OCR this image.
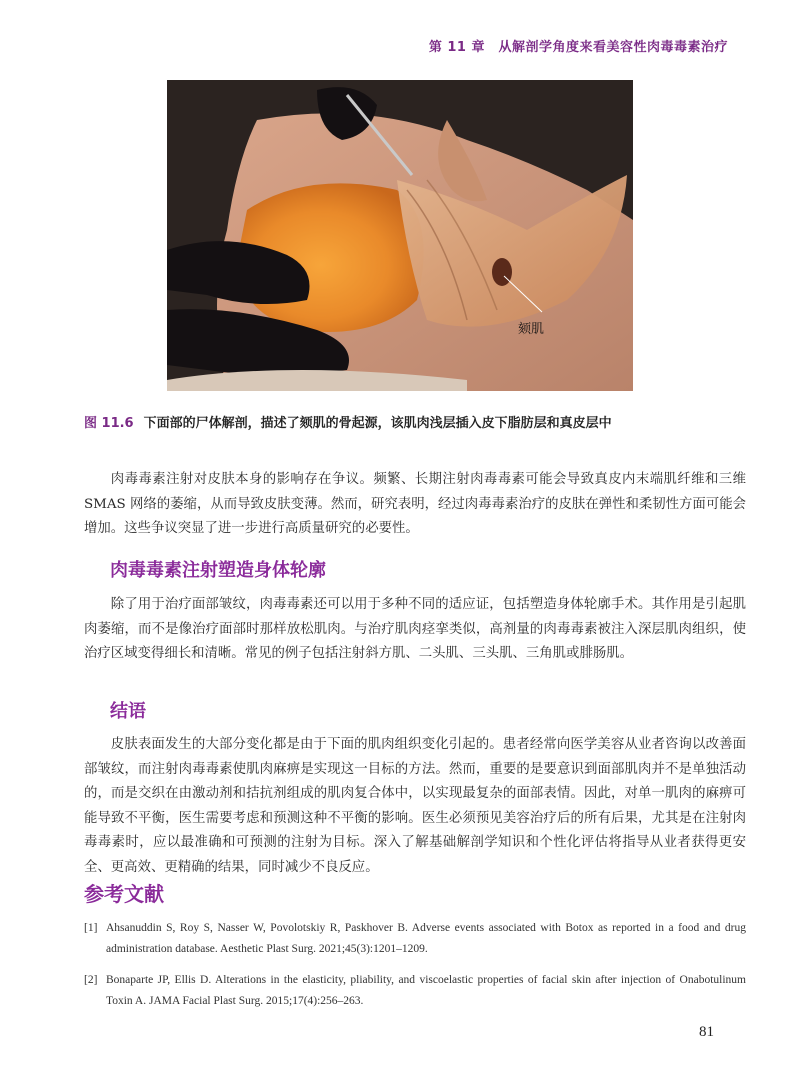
第 11 章　从解剖学角度来看美容性肉毒毒素治疗
颏肌
图 11.6 下面部的尸体解剖，描述了颏肌的骨起源，该肌肉浅层插入皮下脂肪层和真皮层中

肉毒毒素注射对皮肤本身的影响存在争议。频繁、长期注射肉毒毒素可能会导致真皮内末端肌纤维和三维 SMAS 网络的萎缩，从而导致皮肤变薄。然而，研究表明，经过肉毒毒素治疗的皮肤在弹性和柔韧性方面可能会增加。这些争议突显了进一步进行高质量研究的必要性。

肉毒毒素注射塑造身体轮廓

除了用于治疗面部皱纹，肉毒毒素还可以用于多种不同的适应证，包括塑造身体轮廓手术。其作用是引起肌肉萎缩，而不是像治疗面部时那样放松肌肉。与治疗肌肉痉挛类似，高剂量的肉毒毒素被注入深层肌肉组织，使治疗区域变得细长和清晰。常见的例子包括注射斜方肌、二头肌、三头肌、三角肌或腓肠肌。

结语

皮肤表面发生的大部分变化都是由于下面的肌肉组织变化引起的。患者经常向医学美容从业者咨询以改善面部皱纹，而注射肉毒毒素使肌肉麻痹是实现这一目标的方法。然而，重要的是要意识到面部肌肉并不是单独活动的，而是交织在由激动剂和拮抗剂组成的肌肉复合体中，以实现最复杂的面部表情。因此，对单一肌肉的麻痹可能导致不平衡，医生需要考虑和预测这种不平衡的影响。医生必须预见美容治疗后的所有后果，尤其是在注射肉毒毒素时，应以最准确和可预测的注射为目标。深入了解基础解剖学知识和个性化评估将指导从业者获得更安全、更高效、更精确的结果，同时减少不良反应。

参考文献
[1] Ahsanuddin S, Roy S, Nasser W, Povolotskiy R, Paskhover B. Adverse events associated with Botox as reported in a food and drug administration database. Aesthetic Plast Surg. 2021;45(3):1201–1209.
[2] Bonaparte JP, Ellis D. Alterations in the elasticity, pliability, and viscoelastic properties of facial skin after injection of Onabotulinum Toxin A. JAMA Facial Plast Surg. 2015;17(4):256–263.
81
